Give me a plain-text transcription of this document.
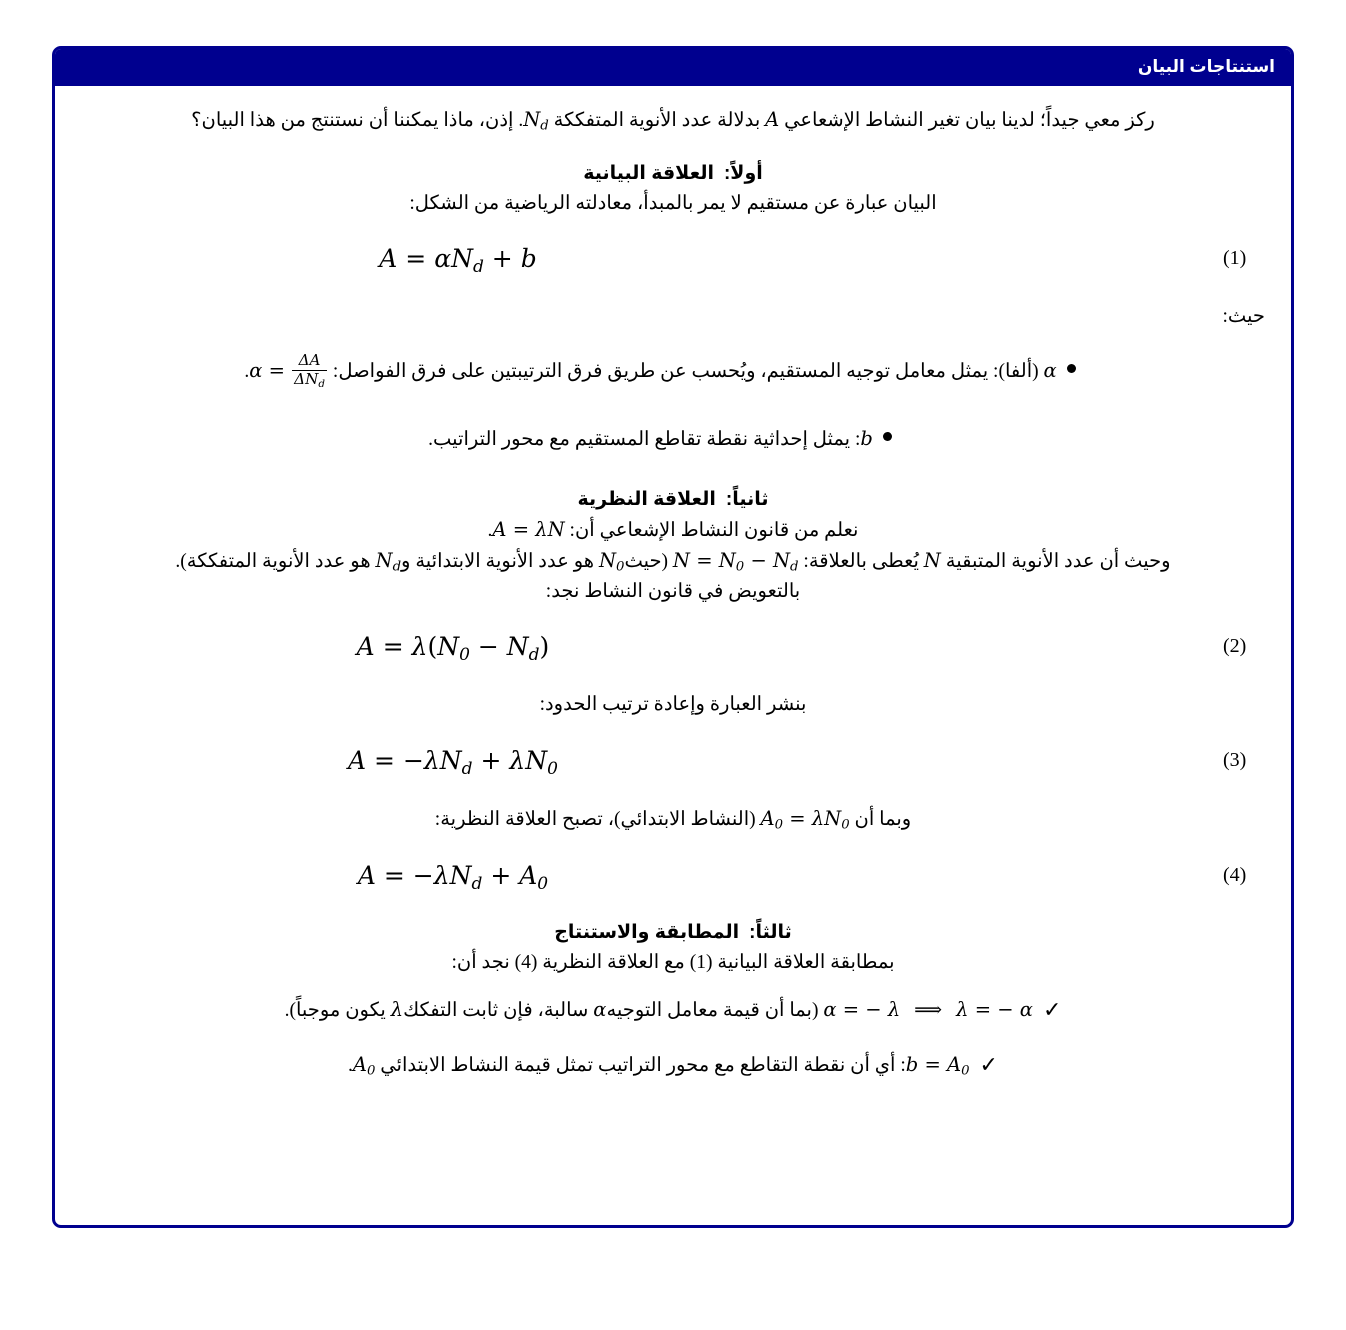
استنتاجات البيان

ركز معي جيداً؛ لدينا بيان تغير النشاط الإشعاعي A بدلالة عدد الأنوية المتفككة $N_d$. إذن، ماذا يمكننا أن نستنتج من هذا البيان؟

أولاً:العلاقة البيانية

البيان عبارة عن مستقيم لا يمر بالمبدأ، معادلته الرياضية من الشكل:

$A = \alpha N_d + b$	(1)

حيث:

α (ألفا): يمثل معامل توجيه المستقيم، ويُحسب عن طريق فرق الترتيبتين على فرق الفواصل: $\alpha = \frac{\Delta A}{\Delta N_d}$
.
b: يمثل إحداثية نقطة تقاطع المستقيم مع محور التراتيب.
ثانياً:العلاقة النظرية

نعلم من قانون النشاط الإشعاعي أن: A = λN.

وحيث أن عدد الأنوية المتبقية N يُعطى بالعلاقة: $N = N_0 - N_d$ (حيثN$_0$ هو عدد الأنوية الابتدائية وN$_d$ هو عدد الأنوية المتفككة).

بالتعويض في قانون النشاط نجد:

$A = \lambda(N_0 - N_d)$	(2)

بنشر العبارة وإعادة ترتيب الحدود:

$A = -\lambda N_d + \lambda N_0$	(3)

وبما أن $A_0 = \lambda N_0$ (النشاط الابتدائي)، تصبح العلاقة النظرية:

$A = -\lambda N_d + A_0$	(4)
ثالثاً:المطابقة والاستنتاج

بمطابقة العلاقة البيانية (1) مع العلاقة النظرية (4) نجد أن:

✓α = − λ ⟹ λ = − α (بما أن قيمة معامل التوجيهα سالبة، فإن ثابت التفككλ يكون موجباً).
✓b = $A_0$: أي أن نقطة التقاطع مع محور التراتيب تمثل قيمة النشاط الابتدائي $A_0$.
